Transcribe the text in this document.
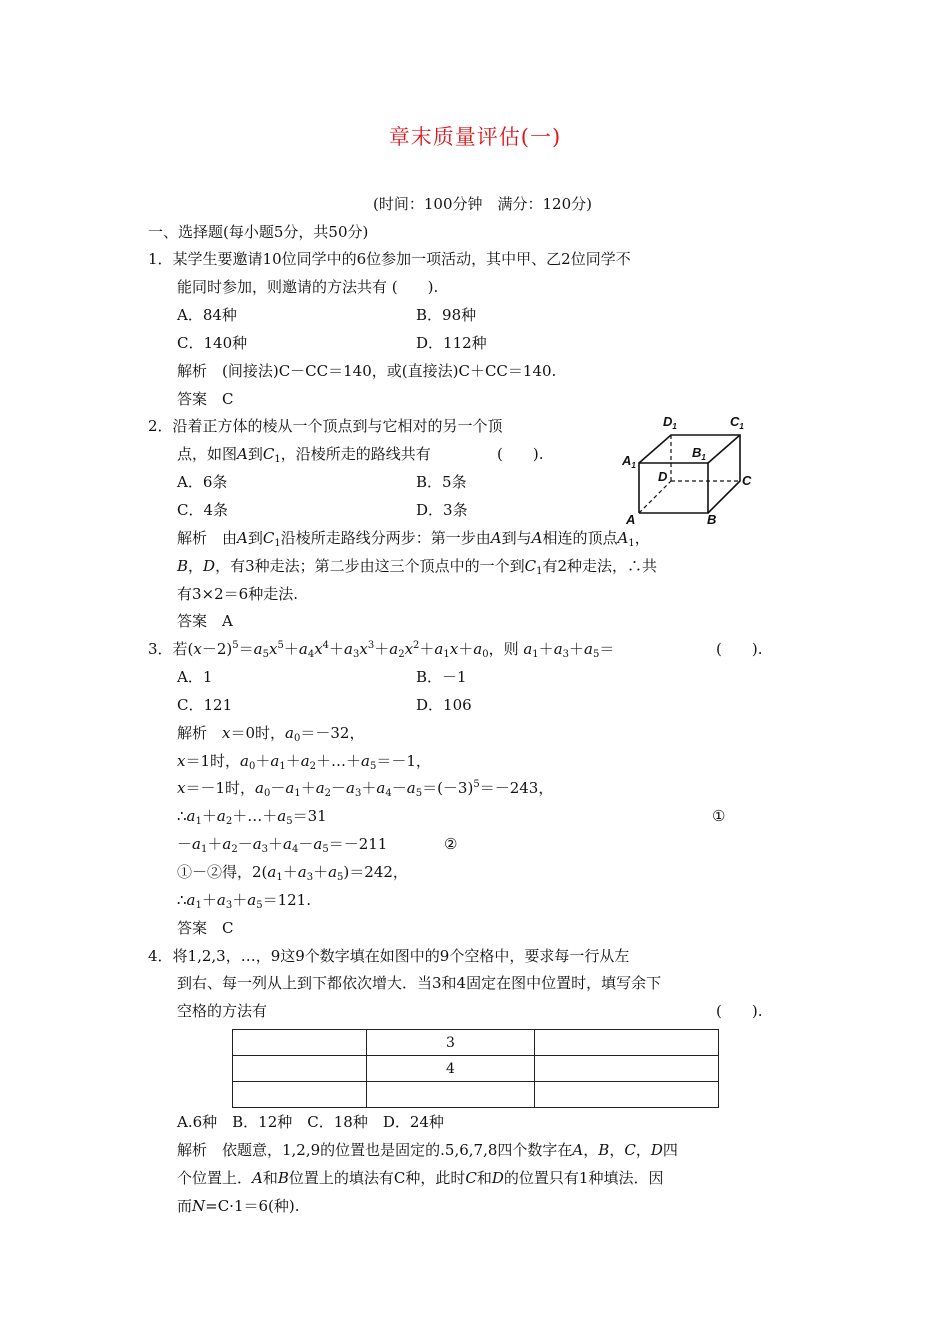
章末质量评估(一)
(时间：100分钟　满分：120分)
一、选择题(每小题5分，共50分)
1．某学生要邀请10位同学中的6位参加一项活动，其中甲、乙2位同学不
能同时参加，则邀请的方法共有 (　　).
A．84种	B．98种
C．140种	D．112种
解析　(间接法)C－CC＝140，或(直接法)C＋CC＝140.
答案　C
2．沿着正方体的棱从一个顶点到与它相对的另一个顶
点，如图A到$C_1$，沿棱所走的路线共有	(　　).
A．6条	B．5条
C．4条	D．3条
$D_1$	$C_1$
$A_1$
$B_1$
D	C
A	B
解析　由A到$C_1$沿棱所走路线分两步：第一步由A到与A相连的顶点$A_1$，
B，D，有3种走法；第二步由这三个顶点中的一个到$C_1$有2种走法，∴共
有3×2＝6种走法.
答案　A
3．若$(x-2)^5=a_5x^5+a_4x^4+a_3x^3+a_2x^2+a_1x+a_0$，则 $a_1+a_3+a_5=$	(　　).
A．1	B．－1
C．121	D．106
解析　x＝0时，$a_0=-32$，
x＝1时，$a_0+a_1+a_2+\dots+a_5=-1$，
x＝－1时，$a_0-a_1+a_2-a_3+a_4-a_5=(-3)^5=-243$，
$\therefore a_1+a_2+\dots+a_5=31$	①
$-a_1+a_2-a_3+a_4-a_5=-211$	②
①－②得，$2(a_1+a_3+a_5)=242$，
$\therefore a_1+a_3+a_5=121$.
答案　C
4．将1,2,3，…，9这9个数字填在如图中的9个空格中，要求每一行从左
到右、每一列从上到下都依次增大．当3和4固定在图中位置时，填写余下
空格的方法有	(　　).
	3	
	4	

A.6种　B．12种　C．18种　D．24种
解析　依题意，1,2,9的位置也是固定的.5,6,7,8四个数字在A，B，C，D四
个位置上．A和B位置上的填法有C种，此时C和D的位置只有1种填法．因
而N=C·1＝6(种).
